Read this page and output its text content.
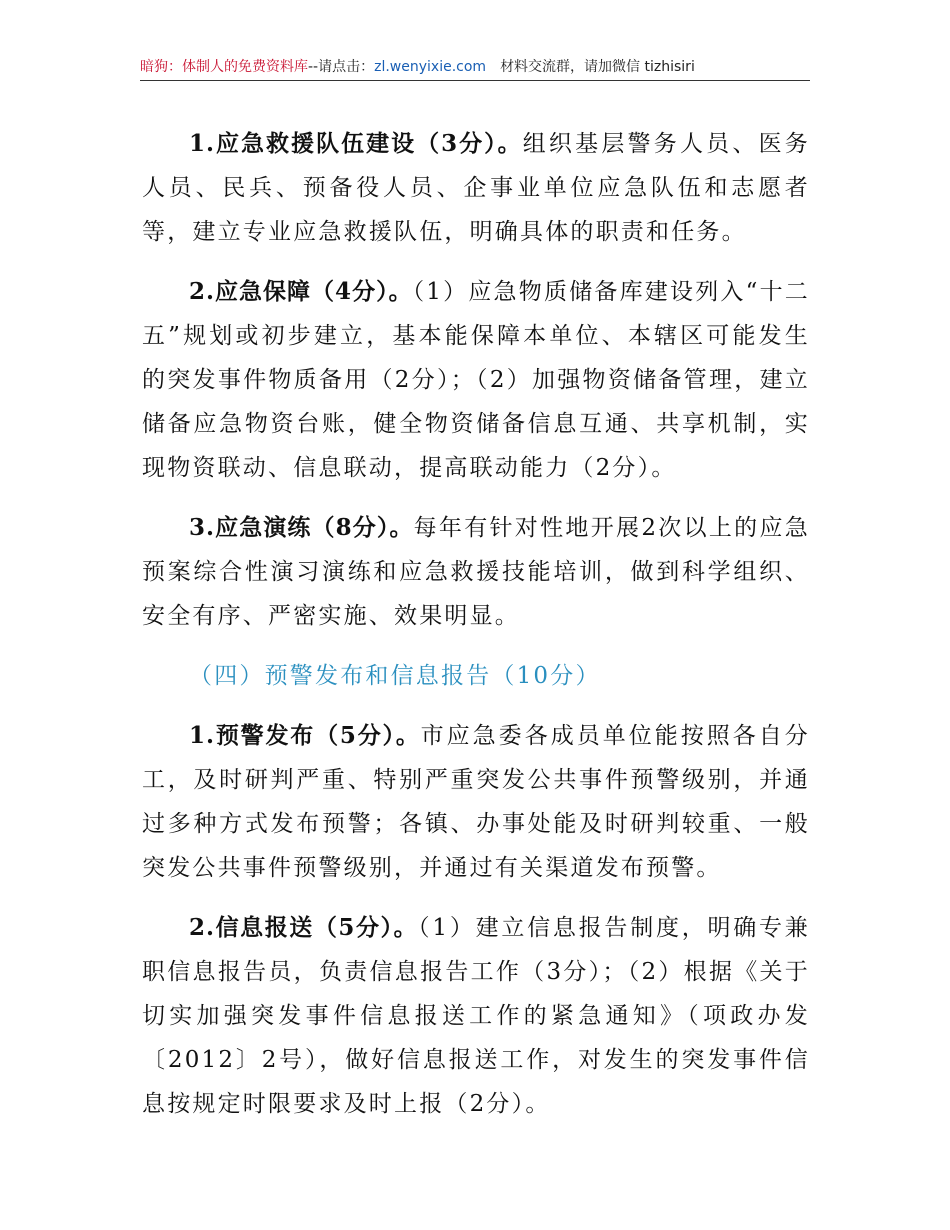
暗狗：体制人的免费资料库--请点击：zl.wenyixie.com 材料交流群，请加微信 tizhisiri

1.应急救援队伍建设（3分）。组织基层警务人员、医务人员、民兵、预备役人员、企事业单位应急队伍和志愿者等，建立专业应急救援队伍，明确具体的职责和任务。

2.应急保障（4分）。（1）应急物质储备库建设列入“十二五”规划或初步建立，基本能保障本单位、本辖区可能发生的突发事件物质备用（2分）；（2）加强物资储备管理，建立储备应急物资台账，健全物资储备信息互通、共享机制，实现物资联动、信息联动，提高联动能力（2分）。

3.应急演练（8分）。每年有针对性地开展2次以上的应急预案综合性演习演练和应急救援技能培训，做到科学组织、安全有序、严密实施、效果明显。

（四）预警发布和信息报告（10分）

1.预警发布（5分）。市应急委各成员单位能按照各自分工，及时研判严重、特别严重突发公共事件预警级别，并通过多种方式发布预警；各镇、办事处能及时研判较重、一般突发公共事件预警级别，并通过有关渠道发布预警。

2.信息报送（5分）。（1）建立信息报告制度，明确专兼职信息报告员，负责信息报告工作（3分）；（2）根据《关于切实加强突发事件信息报送工作的紧急通知》（项政办发〔2012〕2号），做好信息报送工作，对发生的突发事件信息按规定时限要求及时上报（2分）。
